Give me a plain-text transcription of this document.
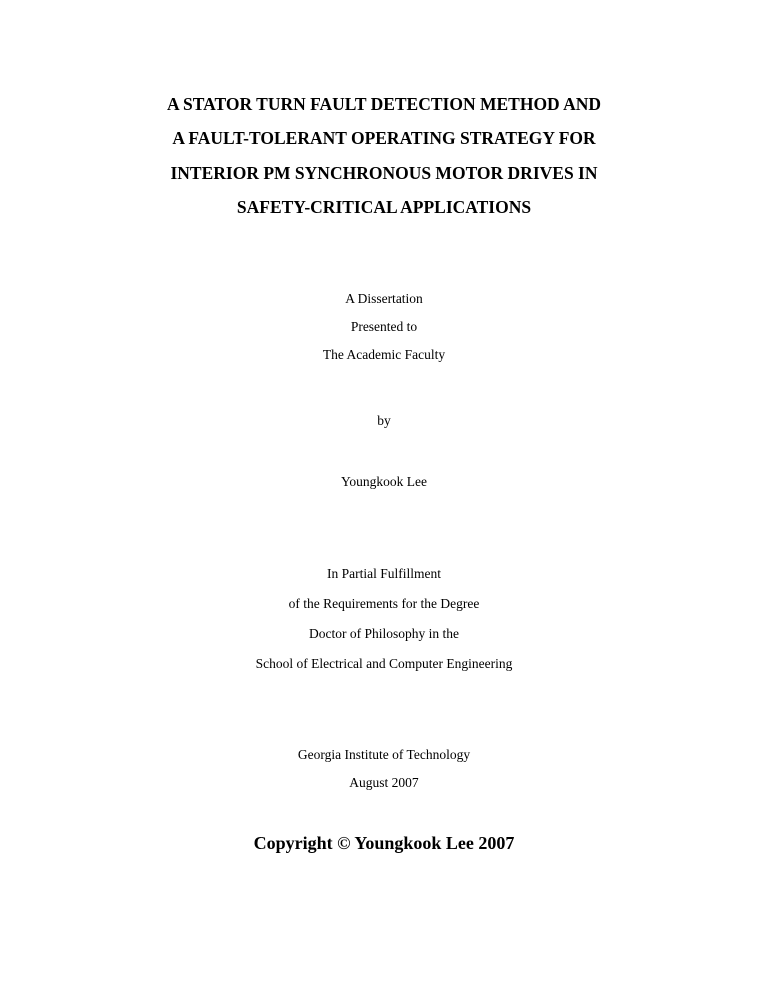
A STATOR TURN FAULT DETECTION METHOD AND
A FAULT-TOLERANT OPERATING STRATEGY FOR
INTERIOR PM SYNCHRONOUS MOTOR DRIVES IN
SAFETY-CRITICAL APPLICATIONS
A Dissertation
Presented to
The Academic Faculty
by
Youngkook Lee
In Partial Fulfillment
of the Requirements for the Degree
Doctor of Philosophy in the
School of Electrical and Computer Engineering
Georgia Institute of Technology
August 2007
Copyright © Youngkook Lee 2007
